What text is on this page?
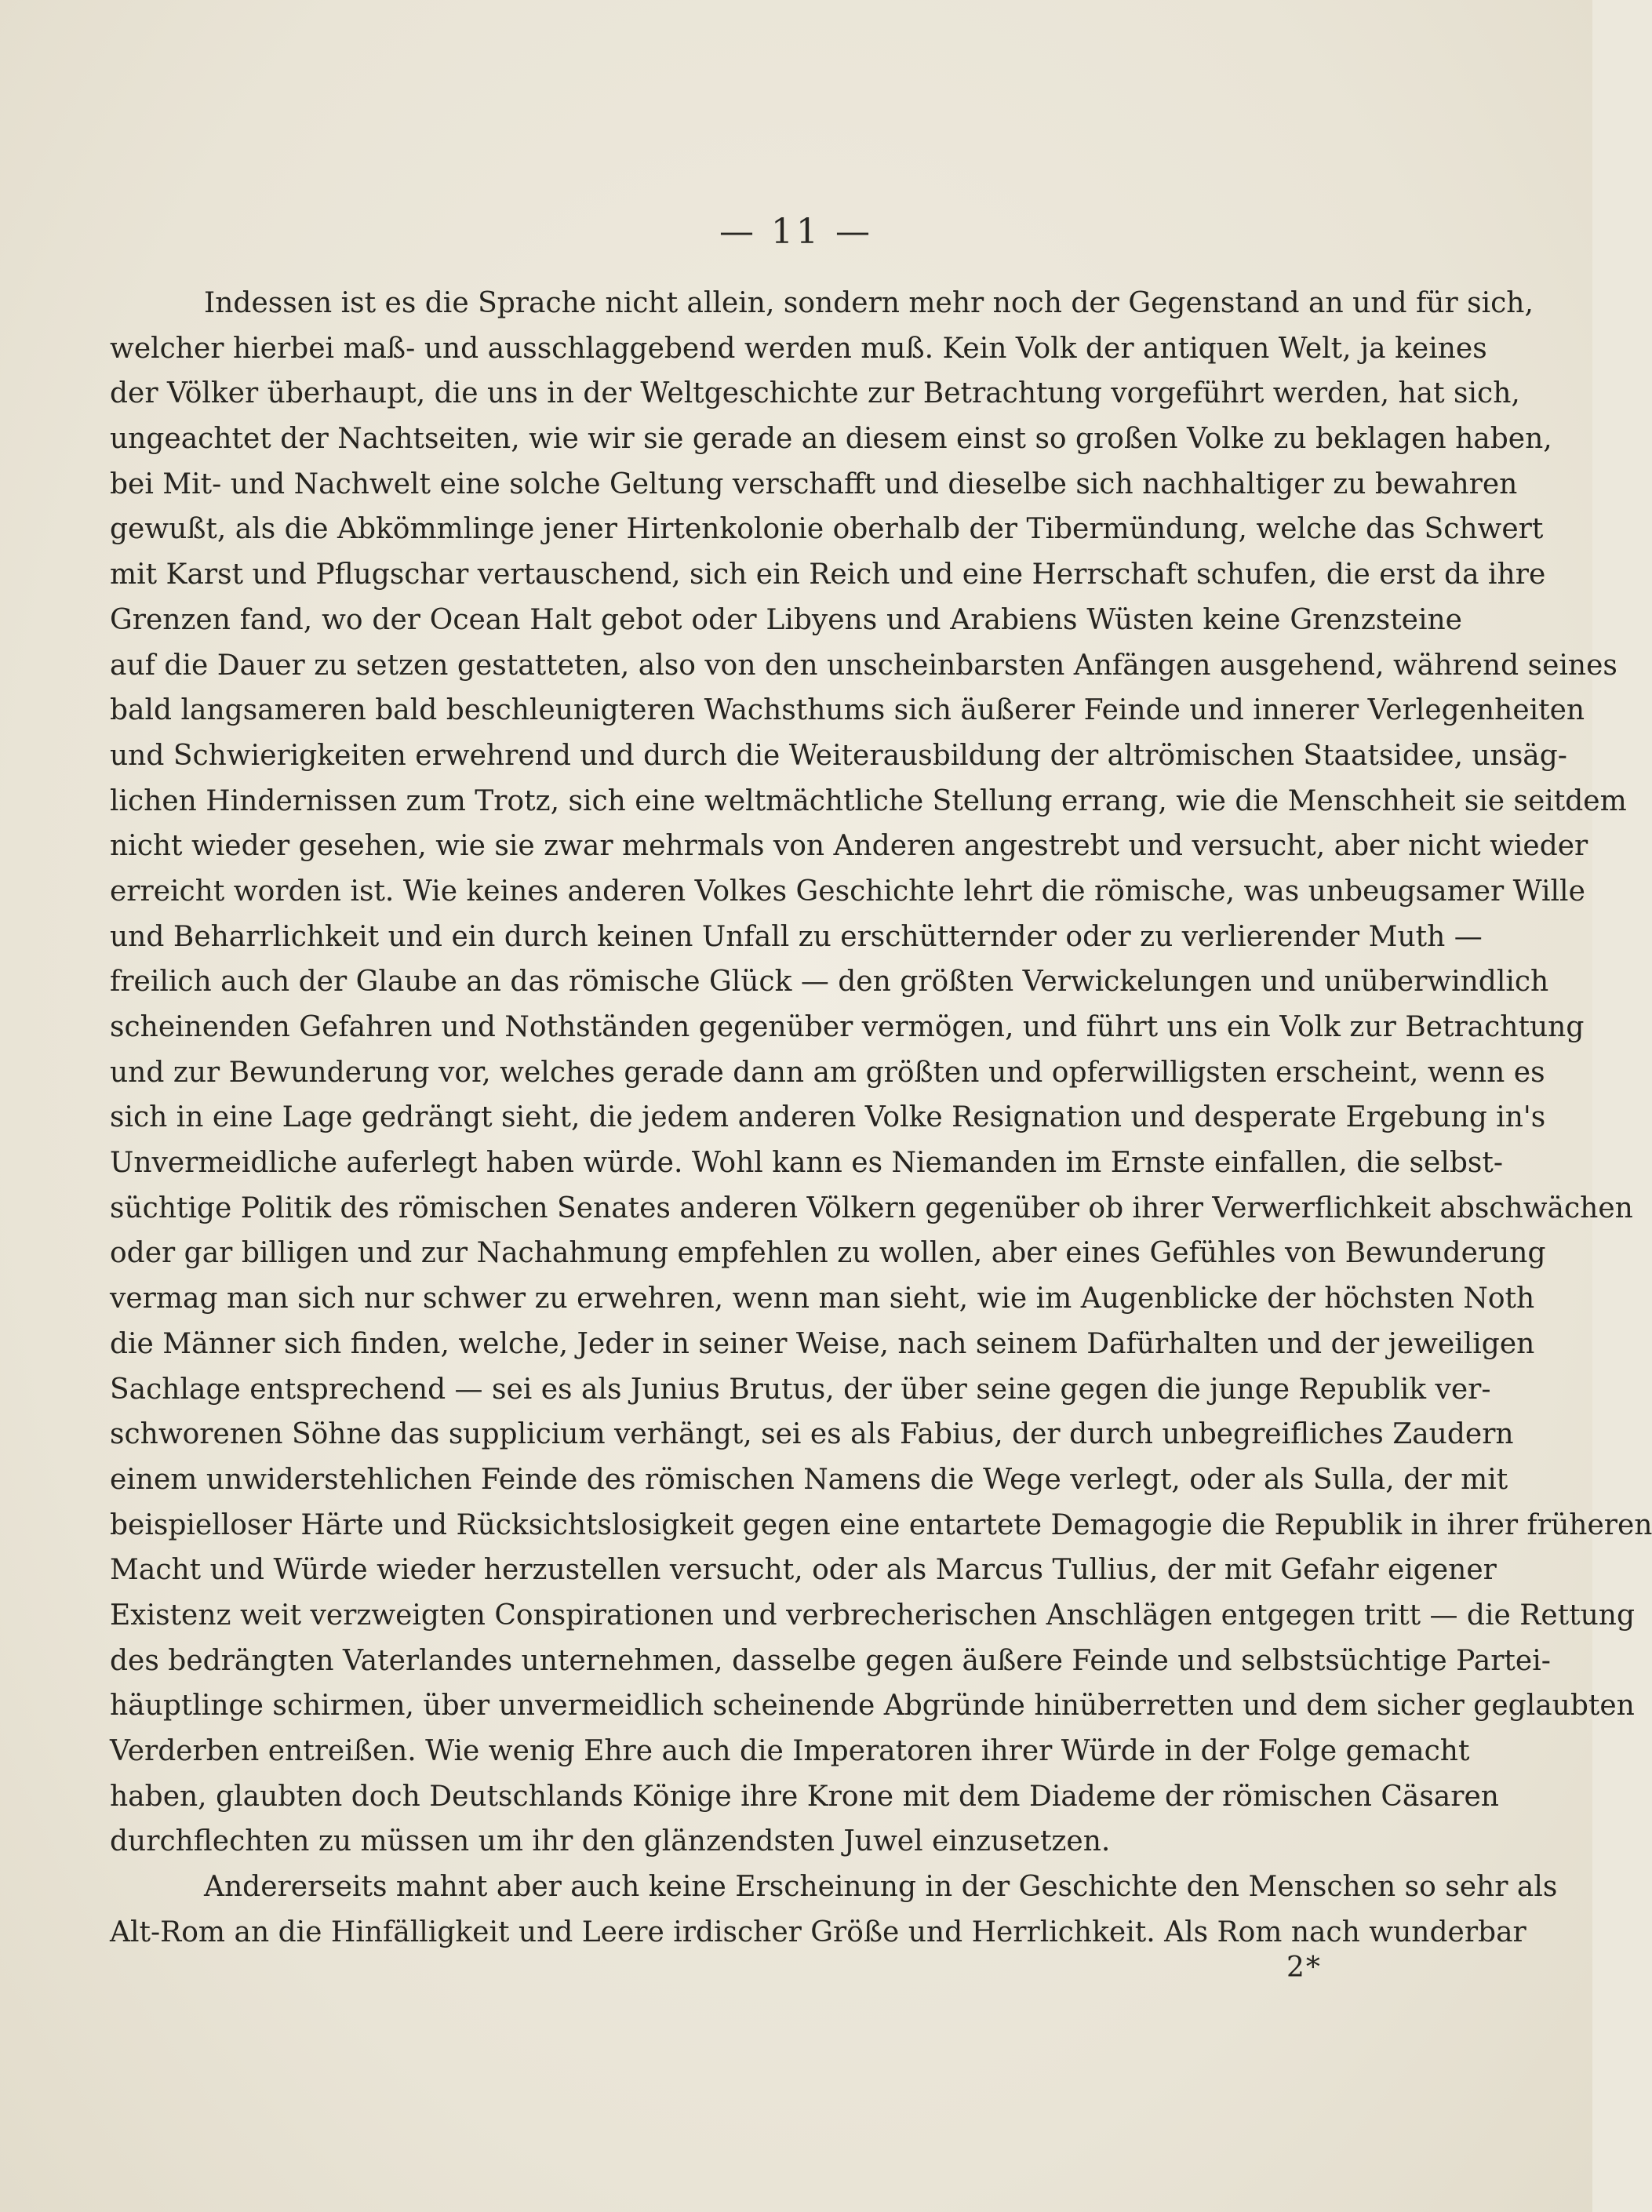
— 11 —
Indessen ist es die Sprache nicht allein, sondern mehr noch der Gegenstand an und für sich,
welcher hierbei maß- und ausschlaggebend werden muß. Kein Volk der antiquen Welt, ja keines
der Völker überhaupt, die uns in der Weltgeschichte zur Betrachtung vorgeführt werden, hat sich,
ungeachtet der Nachtseiten, wie wir sie gerade an diesem einst so großen Volke zu beklagen haben,
bei Mit- und Nachwelt eine solche Geltung verschafft und dieselbe sich nachhaltiger zu bewahren
gewußt, als die Abkömmlinge jener Hirtenkolonie oberhalb der Tibermündung, welche das Schwert
mit Karst und Pflugschar vertauschend, sich ein Reich und eine Herrschaft schufen, die erst da ihre
Grenzen fand, wo der Ocean Halt gebot oder Libyens und Arabiens Wüsten keine Grenzsteine
auf die Dauer zu setzen gestatteten, also von den unscheinbarsten Anfängen ausgehend, während seines
bald langsameren bald beschleunigteren Wachsthums sich äußerer Feinde und innerer Verlegenheiten
und Schwierigkeiten erwehrend und durch die Weiterausbildung der altrömischen Staatsidee, unsäg-
lichen Hindernissen zum Trotz, sich eine weltmächtliche Stellung errang, wie die Menschheit sie seitdem
nicht wieder gesehen, wie sie zwar mehrmals von Anderen angestrebt und versucht, aber nicht wieder
erreicht worden ist. Wie keines anderen Volkes Geschichte lehrt die römische, was unbeugsamer Wille
und Beharrlichkeit und ein durch keinen Unfall zu erschütternder oder zu verlierender Muth —
freilich auch der Glaube an das römische Glück — den größten Verwickelungen und unüberwindlich
scheinenden Gefahren und Nothständen gegenüber vermögen, und führt uns ein Volk zur Betrachtung
und zur Bewunderung vor, welches gerade dann am größten und opferwilligsten erscheint, wenn es
sich in eine Lage gedrängt sieht, die jedem anderen Volke Resignation und desperate Ergebung in's
Unvermeidliche auferlegt haben würde. Wohl kann es Niemanden im Ernste einfallen, die selbst-
süchtige Politik des römischen Senates anderen Völkern gegenüber ob ihrer Verwerflichkeit abschwächen
oder gar billigen und zur Nachahmung empfehlen zu wollen, aber eines Gefühles von Bewunderung
vermag man sich nur schwer zu erwehren, wenn man sieht, wie im Augenblicke der höchsten Noth
die Männer sich finden, welche, Jeder in seiner Weise, nach seinem Dafürhalten und der jeweiligen
Sachlage entsprechend — sei es als Junius Brutus, der über seine gegen die junge Republik ver-
schworenen Söhne das supplicium verhängt, sei es als Fabius, der durch unbegreifliches Zaudern
einem unwiderstehlichen Feinde des römischen Namens die Wege verlegt, oder als Sulla, der mit
beispielloser Härte und Rücksichtslosigkeit gegen eine entartete Demagogie die Republik in ihrer früheren
Macht und Würde wieder herzustellen versucht, oder als Marcus Tullius, der mit Gefahr eigener
Existenz weit verzweigten Conspirationen und verbrecherischen Anschlägen entgegen tritt — die Rettung
des bedrängten Vaterlandes unternehmen, dasselbe gegen äußere Feinde und selbstsüchtige Partei-
häuptlinge schirmen, über unvermeidlich scheinende Abgründe hinüberretten und dem sicher geglaubten
Verderben entreißen. Wie wenig Ehre auch die Imperatoren ihrer Würde in der Folge gemacht
haben, glaubten doch Deutschlands Könige ihre Krone mit dem Diademe der römischen Cäsaren
durchflechten zu müssen um ihr den glänzendsten Juwel einzusetzen.
Andererseits mahnt aber auch keine Erscheinung in der Geschichte den Menschen so sehr als
Alt-Rom an die Hinfälligkeit und Leere irdischer Größe und Herrlichkeit. Als Rom nach wunderbar
2*
